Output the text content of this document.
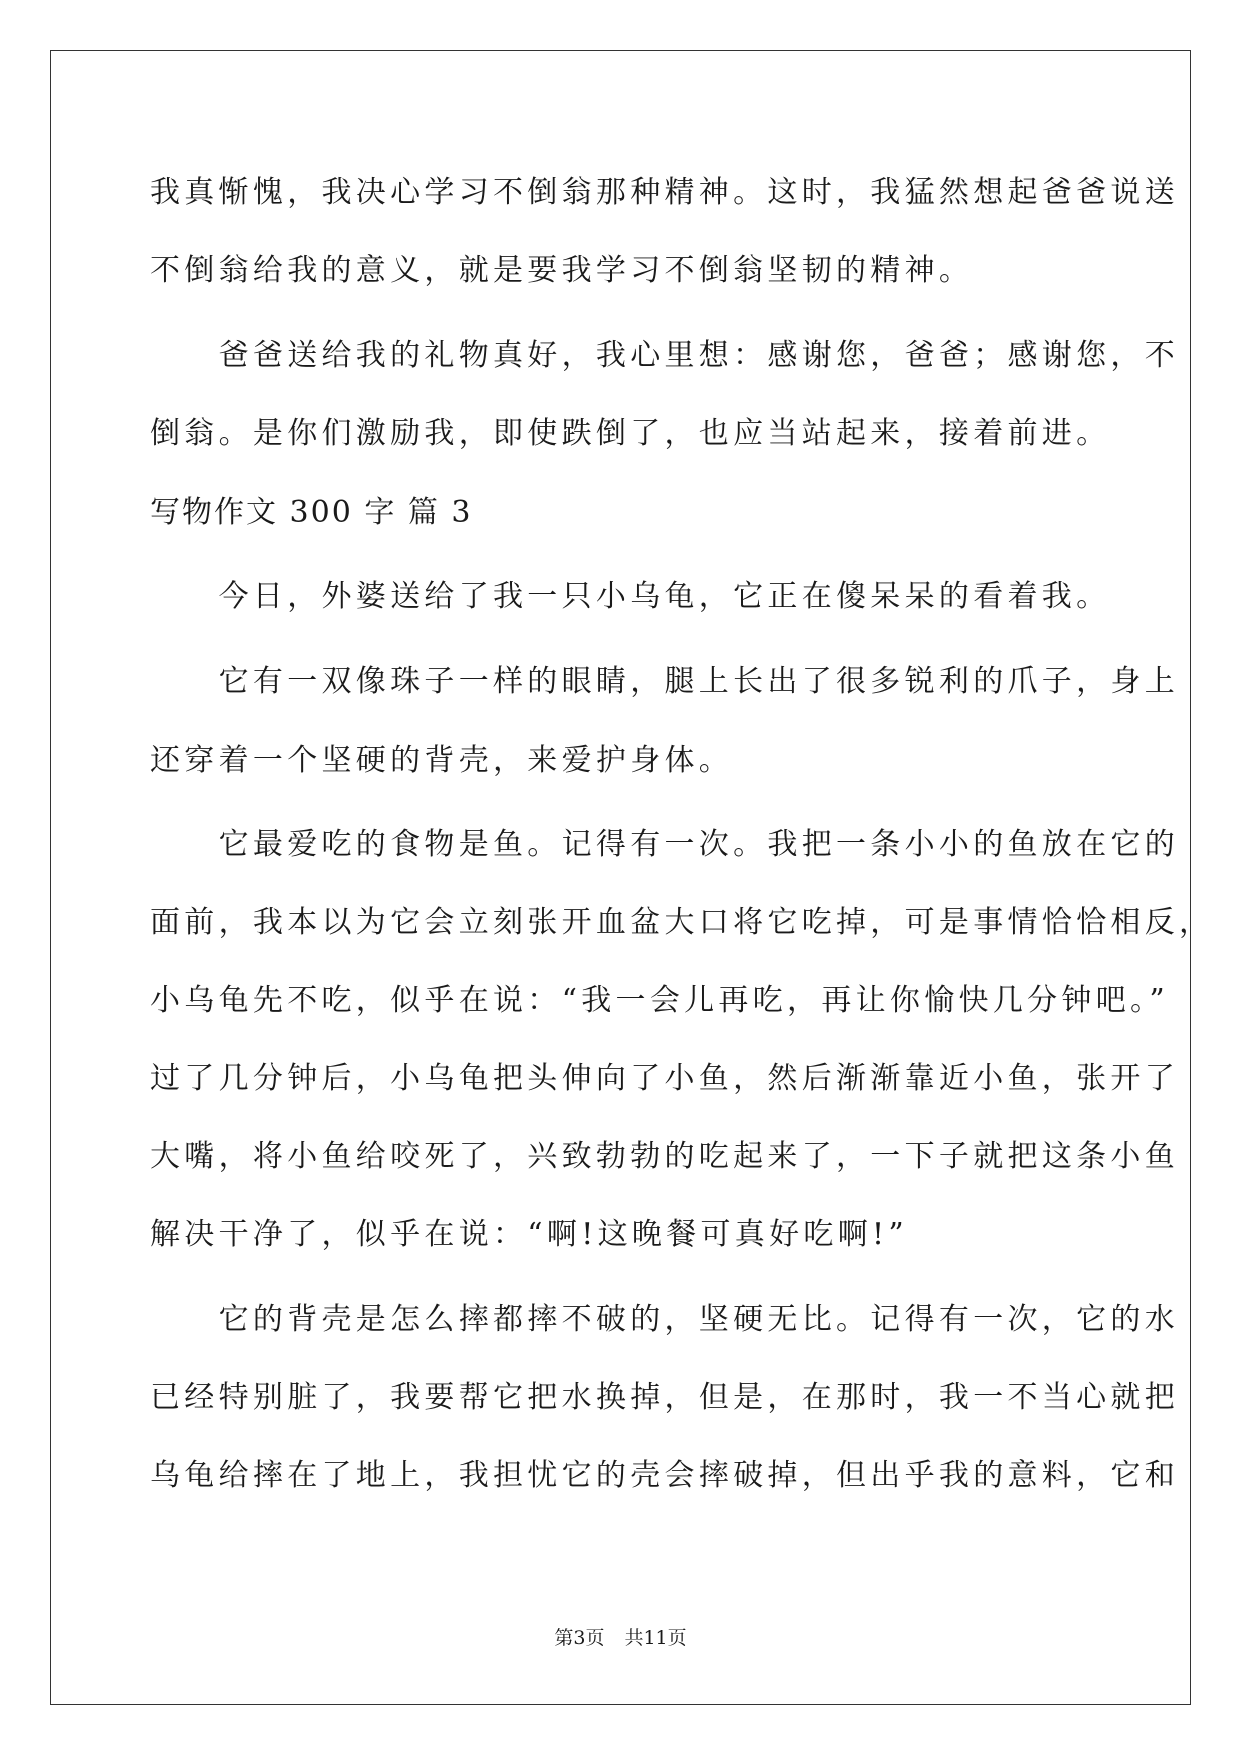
我真惭愧，我决心学习不倒翁那种精神。这时，我猛然想起爸爸说送
不倒翁给我的意义，就是要我学习不倒翁坚韧的精神。
　　爸爸送给我的礼物真好，我心里想：感谢您，爸爸；感谢您，不
倒翁。是你们激励我，即使跌倒了，也应当站起来，接着前进。
写物作文 300 字 篇 3
　　今日，外婆送给了我一只小乌龟，它正在傻呆呆的看着我。
　　它有一双像珠子一样的眼睛，腿上长出了很多锐利的爪子，身上
还穿着一个坚硬的背壳，来爱护身体。
　　它最爱吃的食物是鱼。记得有一次。我把一条小小的鱼放在它的
面前，我本以为它会立刻张开血盆大口将它吃掉，可是事情恰恰相反，
小乌龟先不吃，似乎在说：“我一会儿再吃，再让你愉快几分钟吧。”
过了几分钟后，小乌龟把头伸向了小鱼，然后渐渐靠近小鱼，张开了
大嘴，将小鱼给咬死了，兴致勃勃的吃起来了，一下子就把这条小鱼
解决干净了，似乎在说：“啊!这晚餐可真好吃啊!”
　　它的背壳是怎么摔都摔不破的，坚硬无比。记得有一次，它的水
已经特别脏了，我要帮它把水换掉，但是，在那时，我一不当心就把
乌龟给摔在了地上，我担忧它的壳会摔破掉，但出乎我的意料，它和
第3页 共11页
